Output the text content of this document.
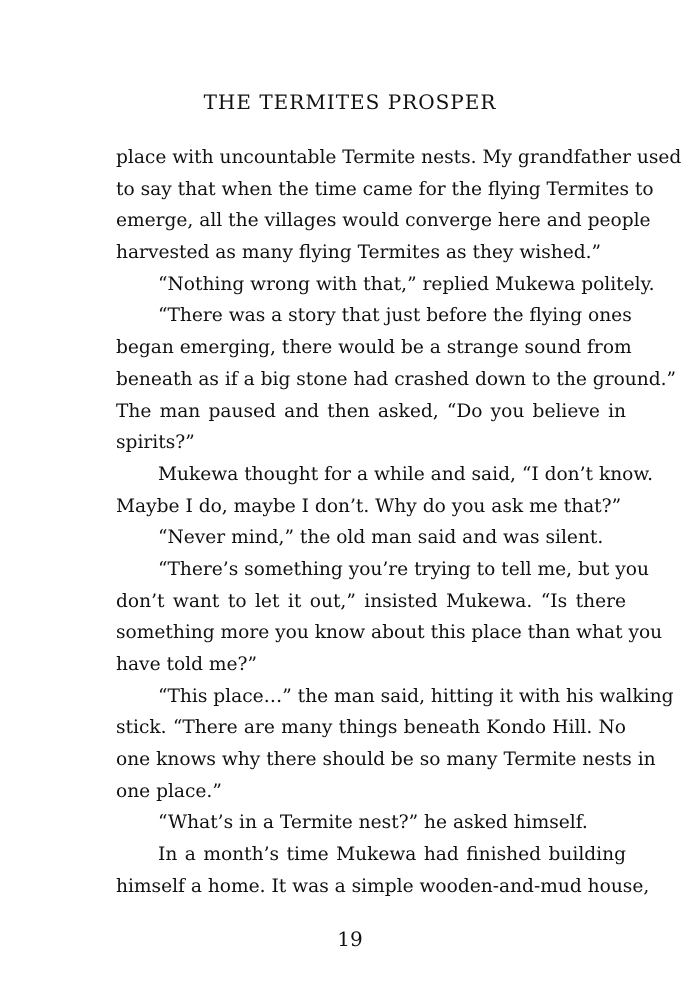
THE TERMITES PROSPER
place with uncountable Termite nests. My grandfather used
to say that when the time came for the flying Termites to
emerge, all the villages would converge here and people
harvested as many flying Termites as they wished.”
“Nothing wrong with that,” replied Mukewa politely.
“There was a story that just before the flying ones
began emerging, there would be a strange sound from
beneath as if a big stone had crashed down to the ground.”
The man paused and then asked, “Do you believe in
spirits?”
Mukewa thought for a while and said, “I don’t know.
Maybe I do, maybe I don’t. Why do you ask me that?”
“Never mind,” the old man said and was silent.
“There’s something you’re trying to tell me, but you
don’t want to let it out,” insisted Mukewa. “Is there
something more you know about this place than what you
have told me?”
“This place…” the man said, hitting it with his walking
stick. “There are many things beneath Kondo Hill. No
one knows why there should be so many Termite nests in
one place.”
“What’s in a Termite nest?” he asked himself.
In a month’s time Mukewa had finished building
himself a home. It was a simple wooden-and-mud house,
19
